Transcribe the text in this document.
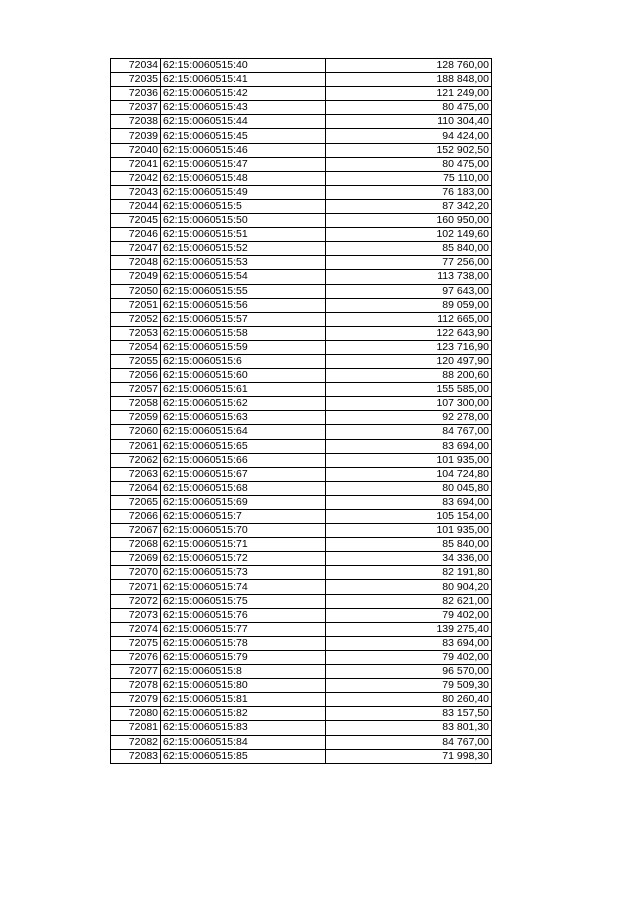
72034	62:15:0060515:40	128 760,00
72035	62:15:0060515:41	188 848,00
72036	62:15:0060515:42	121 249,00
72037	62:15:0060515:43	80 475,00
72038	62:15:0060515:44	110 304,40
72039	62:15:0060515:45	94 424,00
72040	62:15:0060515:46	152 902,50
72041	62:15:0060515:47	80 475,00
72042	62:15:0060515:48	75 110,00
72043	62:15:0060515:49	76 183,00
72044	62:15:0060515:5	87 342,20
72045	62:15:0060515:50	160 950,00
72046	62:15:0060515:51	102 149,60
72047	62:15:0060515:52	85 840,00
72048	62:15:0060515:53	77 256,00
72049	62:15:0060515:54	113 738,00
72050	62:15:0060515:55	97 643,00
72051	62:15:0060515:56	89 059,00
72052	62:15:0060515:57	112 665,00
72053	62:15:0060515:58	122 643,90
72054	62:15:0060515:59	123 716,90
72055	62:15:0060515:6	120 497,90
72056	62:15:0060515:60	88 200,60
72057	62:15:0060515:61	155 585,00
72058	62:15:0060515:62	107 300,00
72059	62:15:0060515:63	92 278,00
72060	62:15:0060515:64	84 767,00
72061	62:15:0060515:65	83 694,00
72062	62:15:0060515:66	101 935,00
72063	62:15:0060515:67	104 724,80
72064	62:15:0060515:68	80 045,80
72065	62:15:0060515:69	83 694,00
72066	62:15:0060515:7	105 154,00
72067	62:15:0060515:70	101 935,00
72068	62:15:0060515:71	85 840,00
72069	62:15:0060515:72	34 336,00
72070	62:15:0060515:73	82 191,80
72071	62:15:0060515:74	80 904,20
72072	62:15:0060515:75	82 621,00
72073	62:15:0060515:76	79 402,00
72074	62:15:0060515:77	139 275,40
72075	62:15:0060515:78	83 694,00
72076	62:15:0060515:79	79 402,00
72077	62:15:0060515:8	96 570,00
72078	62:15:0060515:80	79 509,30
72079	62:15:0060515:81	80 260,40
72080	62:15:0060515:82	83 157,50
72081	62:15:0060515:83	83 801,30
72082	62:15:0060515:84	84 767,00
72083	62:15:0060515:85	71 998,30
